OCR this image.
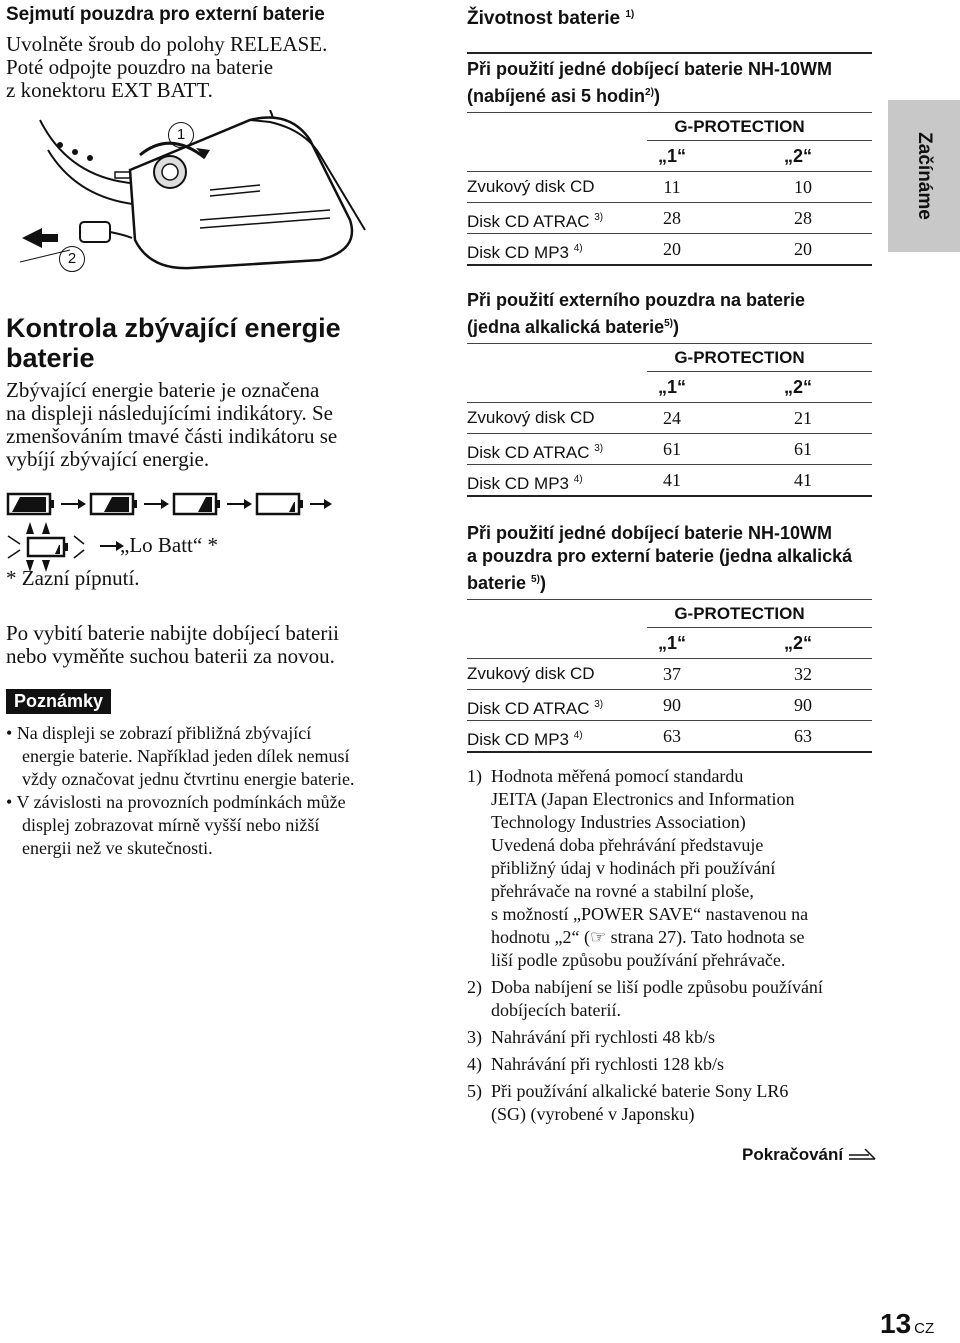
Sejmutí pouzdra pro externí baterie
Uvolněte šroub do polohy RELEASE.
Poté odpojte pouzdro na baterie
z konektoru EXT BATT.
1
2
Kontrola zbývající energie
baterie
Zbývající energie baterie je označena
na displeji následujícími indikátory. Se
zmenšováním tmavé části indikátoru se
vybíjí zbývající energie.
„Lo Batt“ *
* Zazní pípnutí.
Po vybití baterie nabijte dobíjecí baterii
nebo vyměňte suchou baterii za novou.
Poznámky
• Na displeji se zobrazí přibližná zbývající
energie baterie. Například jeden dílek nemusí
vždy označovat jednu čtvrtinu energie baterie.
• V závislosti na provozních podmínkách může
displej zobrazovat mírně vyšší nebo nižší
energii než ve skutečnosti.
Životnost baterie $^{1)}$
Při použití jedné dobíjecí baterie NH-10WM
(nabíjené asi 5 hodin$^{2)}$)
G-PROTECTION
„1“	„2“
Zvukový disk CD	11	10
Disk CD ATRAC $^{3)}$	28	28
Disk CD MP3 $^{4)}$	20	20
Při použití externího pouzdra na baterie
(jedna alkalická baterie$^{5)}$)
G-PROTECTION
„1“	„2“
Zvukový disk CD	24	21
Disk CD ATRAC $^{3)}$	61	61
Disk CD MP3 $^{4)}$	41	41
Při použití jedné dobíjecí baterie NH-10WM
a pouzdra pro externí baterie (jedna alkalická
baterie $^{5)}$)
G-PROTECTION
„1“	„2“
Zvukový disk CD	37	32
Disk CD ATRAC $^{3)}$	90	90
Disk CD MP3 $^{4)}$	63	63
1) Hodnota měřená pomocí standardu
JEITA (Japan Electronics and Information
Technology Industries Association)
Uvedená doba přehrávání představuje
přibližný údaj v hodinách při používání
přehrávače na rovné a stabilní ploše,
s možností „POWER SAVE“ nastavenou na
hodnotu „2“ (☞ strana 27). Tato hodnota se
liší podle způsobu používání přehrávače.
2) Doba nabíjení se liší podle způsobu používání
dobíjecích baterií.
3) Nahrávání při rychlosti 48 kb/s
4) Nahrávání při rychlosti 128 kb/s
5) Při používání alkalické baterie Sony LR6
(SG) (vyrobené v Japonsku)
Pokračování
Začínáme
13 CZ
